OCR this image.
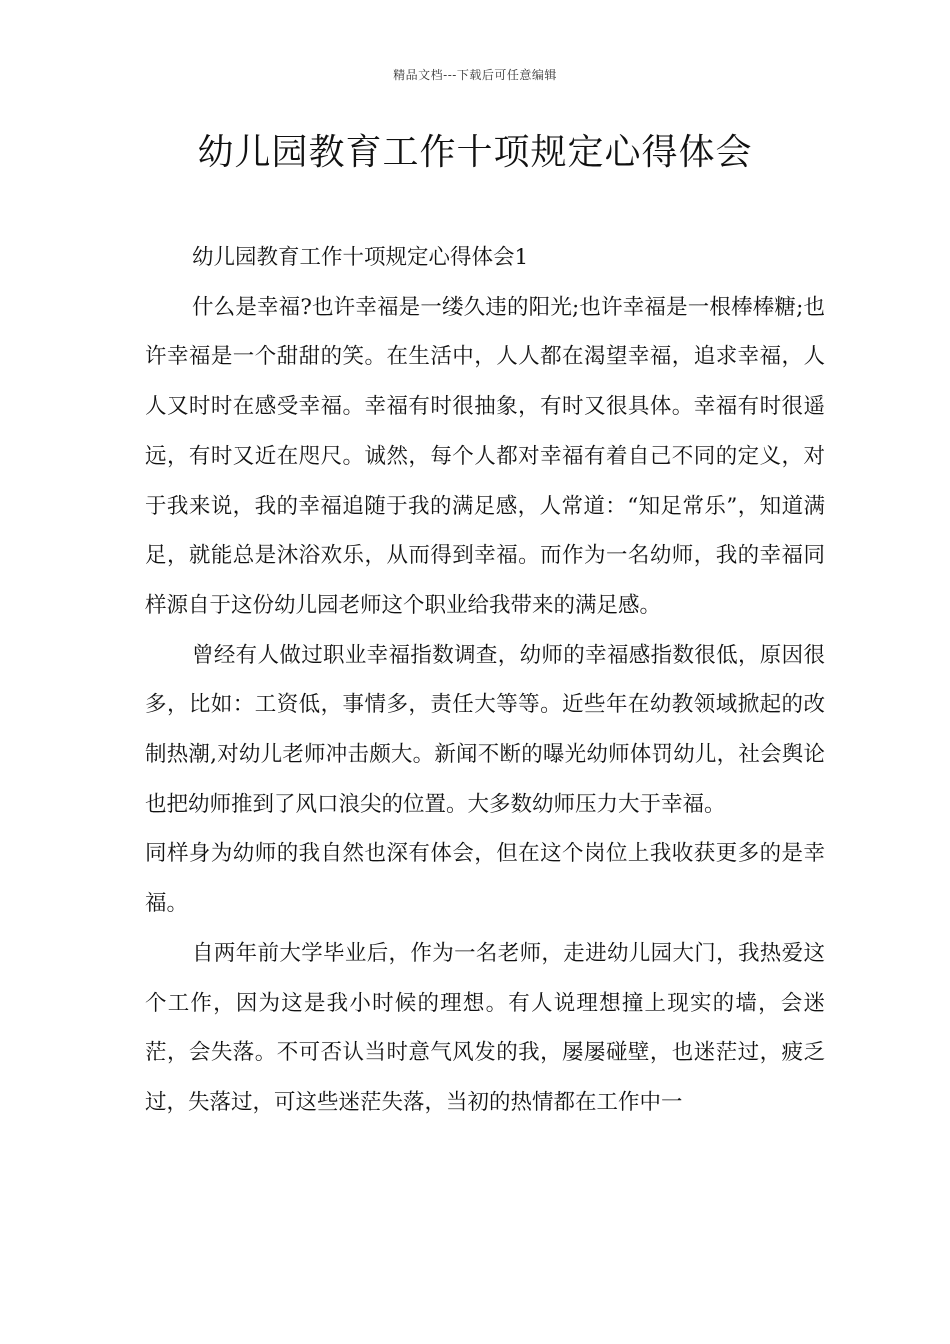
精品文档---下载后可任意编辑
幼儿园教育工作十项规定心得体会

幼儿园教育工作十项规定心得体会1

什么是幸福?也许幸福是一缕久违的阳光;也许幸福是一根棒棒糖;也许幸福是一个甜甜的笑。在生活中，人人都在渴望幸福，追求幸福，人人又时时在感受幸福。幸福有时很抽象，有时又很具体。幸福有时很遥远，有时又近在咫尺。诚然，每个人都对幸福有着自己不同的定义，对于我来说，我的幸福追随于我的满足感，人常道：“知足常乐”，知道满足，就能总是沐浴欢乐，从而得到幸福。而作为一名幼师，我的幸福同样源自于这份幼儿园老师这个职业给我带来的满足感。

曾经有人做过职业幸福指数调查，幼师的幸福感指数很低，原因很多，比如：工资低，事情多，责任大等等。近些年在幼教领域掀起的改制热潮,对幼儿老师冲击颇大。新闻不断的曝光幼师体罚幼儿，社会舆论也把幼师推到了风口浪尖的位置。大多数幼师压力大于幸福。

同样身为幼师的我自然也深有体会，但在这个岗位上我收获更多的是幸福。

自两年前大学毕业后，作为一名老师，走进幼儿园大门，我热爱这个工作，因为这是我小时候的理想。有人说理想撞上现实的墙，会迷茫，会失落。不可否认当时意气风发的我，屡屡碰壁，也迷茫过，疲乏过，失落过，可这些迷茫失落，当初的热情都在工作中一
